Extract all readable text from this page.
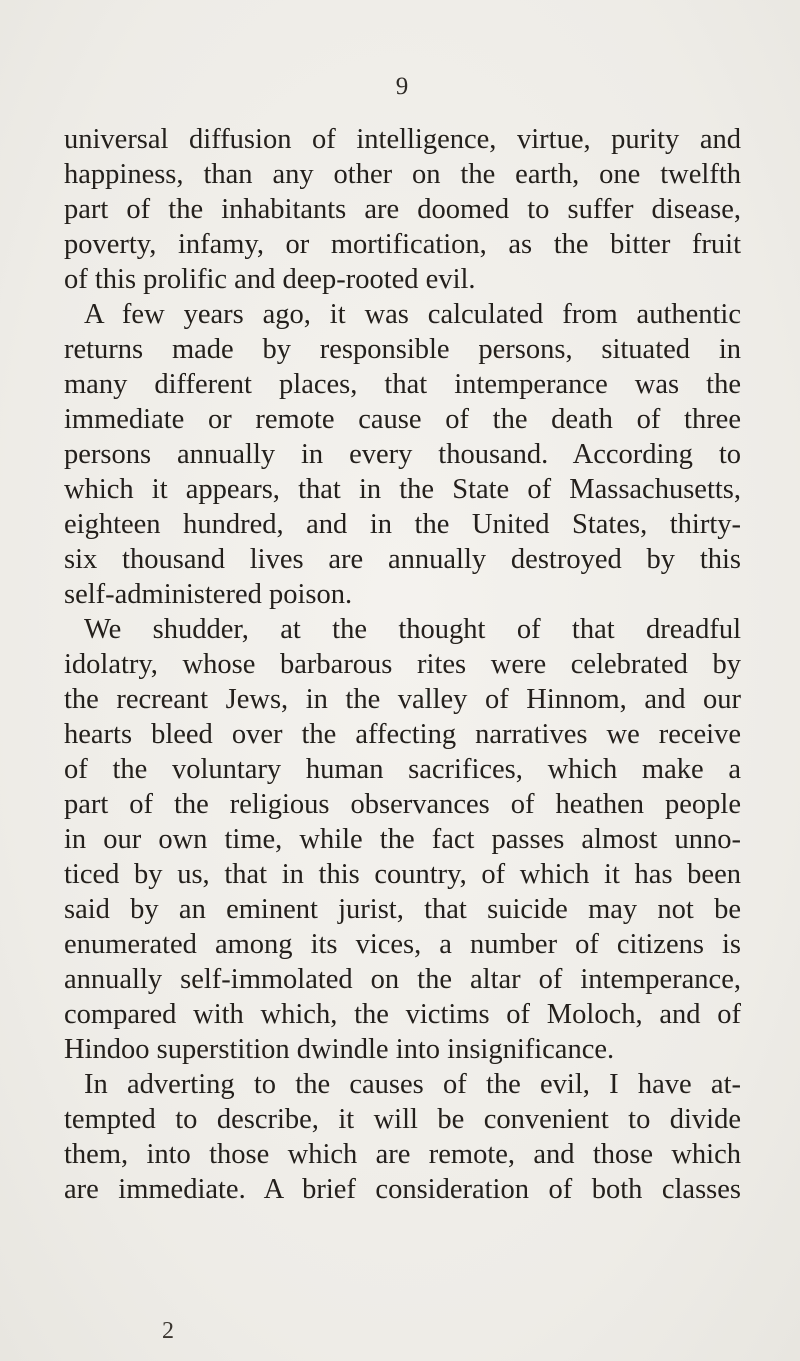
9
universal diffusion of intelligence, virtue, purity and
happiness, than any other on the earth, one twelfth
part of the inhabitants are doomed to suffer disease,
poverty, infamy, or mortification, as the bitter fruit
of this prolific and deep-rooted evil.
A few years ago, it was calculated from authentic
returns made by responsible persons, situated in
many different places, that intemperance was the
immediate or remote cause of the death of three
persons annually in every thousand. According to
which it appears, that in the State of Massachusetts,
eighteen hundred, and in the United States, thirty-
six thousand lives are annually destroyed by this
self-administered poison.
We shudder, at the thought of that dreadful
idolatry, whose barbarous rites were celebrated by
the recreant Jews, in the valley of Hinnom, and our
hearts bleed over the affecting narratives we receive
of the voluntary human sacrifices, which make a
part of the religious observances of heathen people
in our own time, while the fact passes almost unno-
ticed by us, that in this country, of which it has been
said by an eminent jurist, that suicide may not be
enumerated among its vices, a number of citizens is
annually self-immolated on the altar of intemperance,
compared with which, the victims of Moloch, and of
Hindoo superstition dwindle into insignificance.
In adverting to the causes of the evil, I have at-
tempted to describe, it will be convenient to divide
them, into those which are remote, and those which
are immediate. A brief consideration of both classes
2
